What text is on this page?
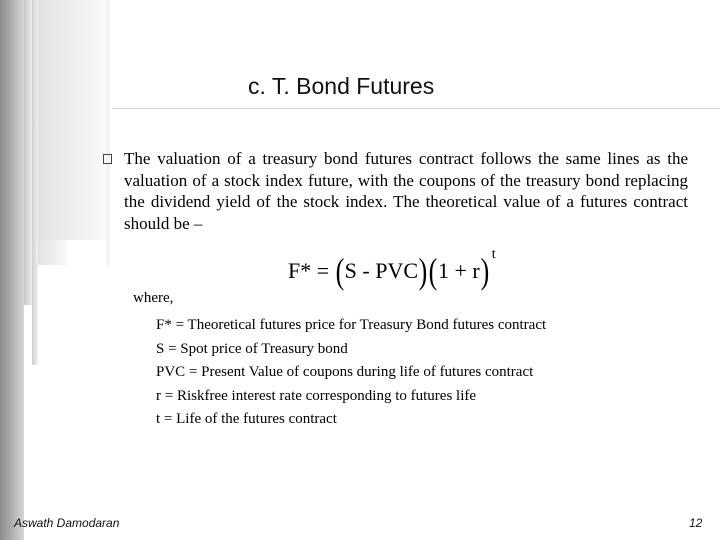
c. T. Bond Futures
The valuation of a treasury bond futures contract follows the same lines as the valuation of a stock index future, with the coupons of the treasury bond replacing the dividend yield of the stock index. The theoretical value of a futures contract should be –
F* = ( S - PVC ) ( 1 + r ) t
where,
F* = Theoretical futures price for Treasury Bond futures contract
S = Spot price of Treasury bond
PVC = Present Value of coupons during life of futures contract
r = Riskfree interest rate corresponding to futures life
t = Life of the futures contract
Aswath Damodaran	12
